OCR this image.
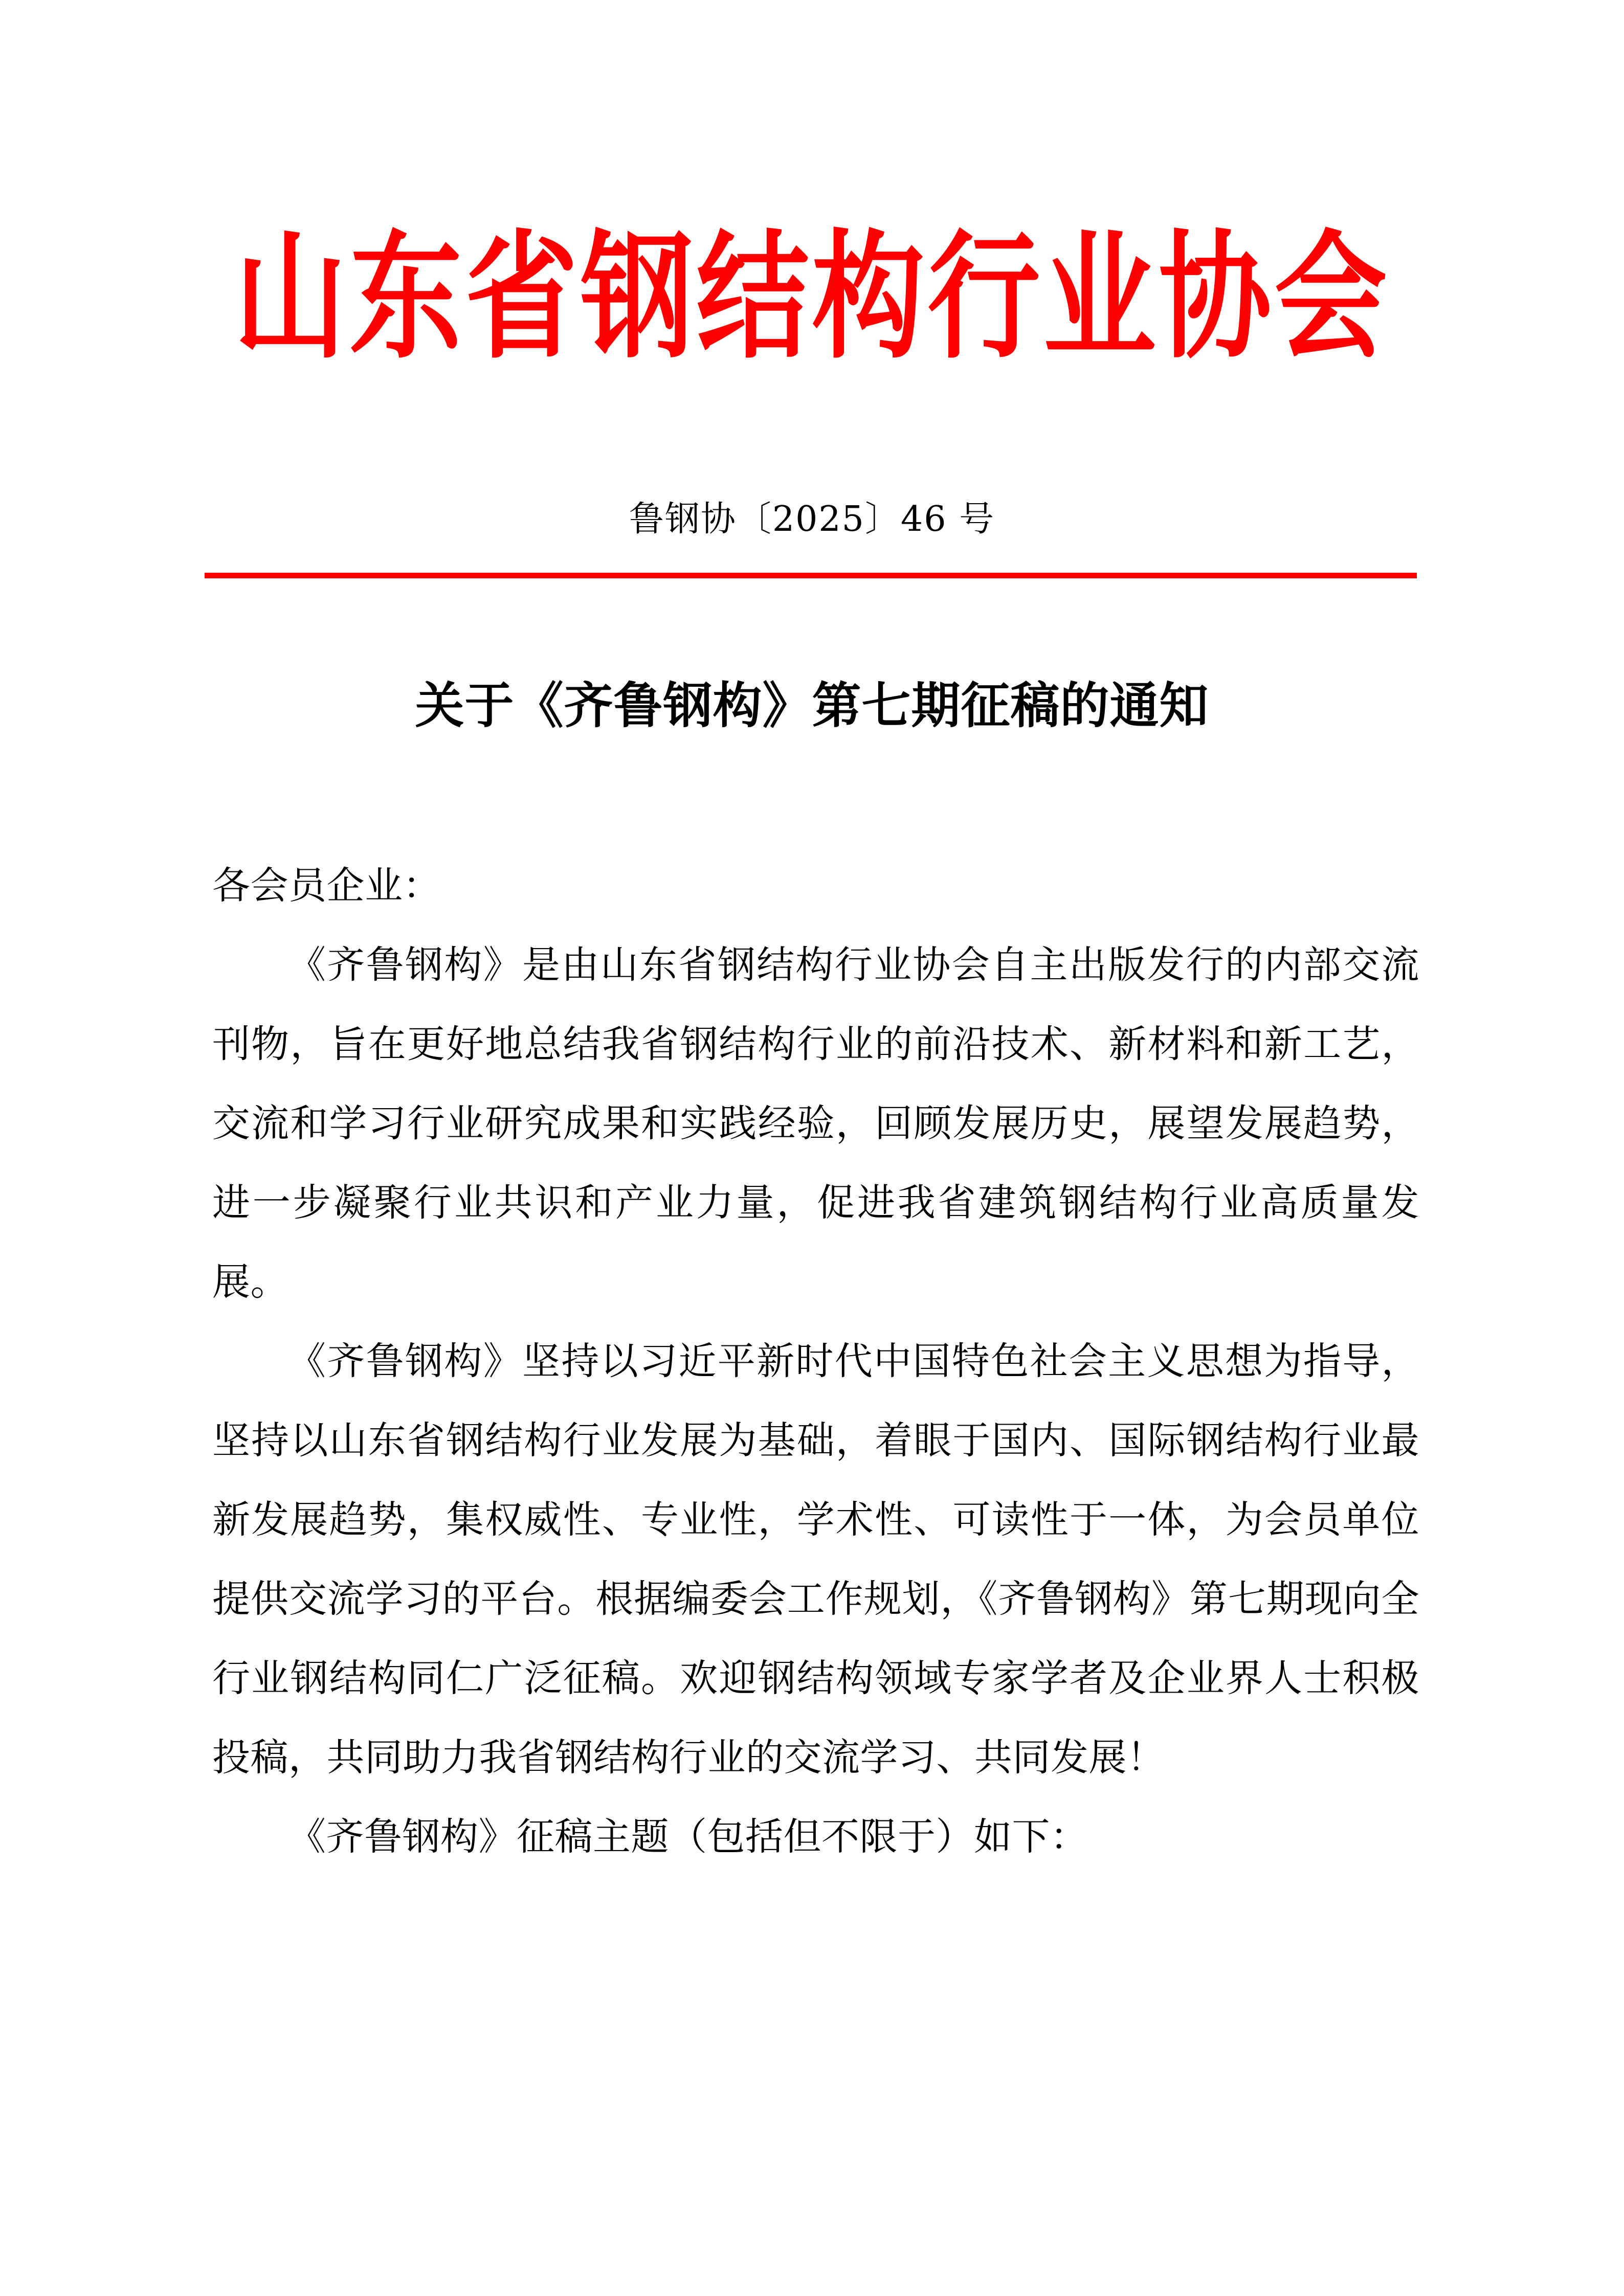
山东省钢结构行业协会
鲁钢协〔2025〕46 号
关于《齐鲁钢构》第七期征稿的通知
各会员企业：

《齐鲁钢构》是由山东省钢结构行业协会自主出版发行的内部交流刊物，旨在更好地总结我省钢结构行业的前沿技术、新材料和新工艺，交流和学习行业研究成果和实践经验，回顾发展历史，展望发展趋势，进一步凝聚行业共识和产业力量，促进我省建筑钢结构行业高质量发展。

《齐鲁钢构》坚持以习近平新时代中国特色社会主义思想为指导，坚持以山东省钢结构行业发展为基础，着眼于国内、国际钢结构行业最新发展趋势，集权威性、专业性，学术性、可读性于一体，为会员单位提供交流学习的平台。根据编委会工作规划，《齐鲁钢构》第七期现向全行业钢结构同仁广泛征稿。欢迎钢结构领域专家学者及企业界人士积极投稿，共同助力我省钢结构行业的交流学习、共同发展！

《齐鲁钢构》征稿主题（包括但不限于）如下：
